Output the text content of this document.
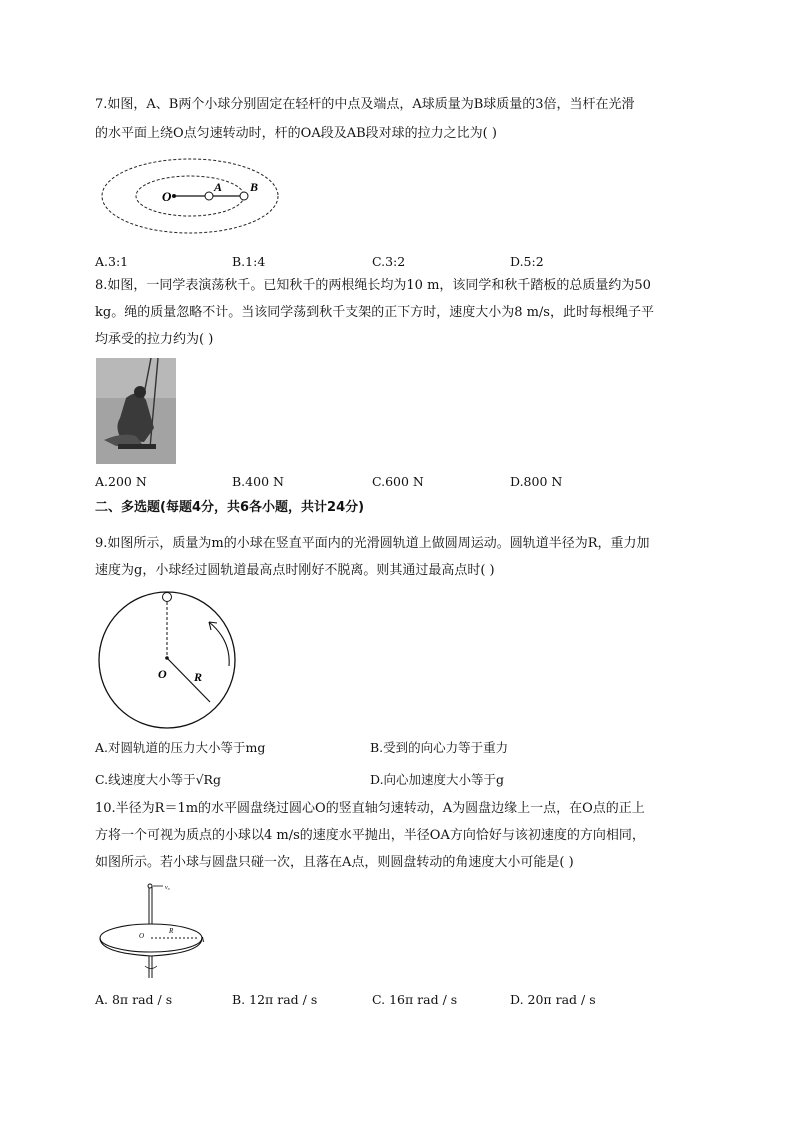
7.如图，A、B两个小球分别固定在轻杆的中点及端点，A球质量为B球质量的3倍，当杆在光滑
的水平面上绕O点匀速转动时，杆的OA段及AB段对球的拉力之比为( )
O
A B
A.3:1	B.1:4	C.3:2	D.5:2
8.如图，一同学表演荡秋千。已知秋千的两根绳长均为10 m，该同学和秋千踏板的总质量约为50
kg。绳的质量忽略不计。当该同学荡到秋千支架的正下方时，速度大小为8 m/s，此时每根绳子平
均承受的拉力约为( )
A.200 N	B.400 N	C.600 N	D.800 N
二、多选题(每题4分，共6各小题，共计24分)
9.如图所示，质量为m的小球在竖直平面内的光滑圆轨道上做圆周运动。圆轨道半径为R，重力加
速度为g，小球经过圆轨道最高点时刚好不脱离。则其通过最高点时( )
O R
A.对圆轨道的压力大小等于mg	B.受到的向心力等于重力
C.线速度大小等于√Rg	D.向心加速度大小等于g
10.半径为R＝1m的水平圆盘绕过圆心O的竖直轴匀速转动，A为圆盘边缘上一点，在O点的正上
方将一个可视为质点的小球以4 m/s的速度水平抛出，半径OA方向恰好与该初速度的方向相同，
如图所示。若小球与圆盘只碰一次，且落在A点，则圆盘转动的角速度大小可能是( )
v₀
O
R
A
A. 8π rad / s	B. 12π rad / s	C. 16π rad / s	D. 20π rad / s
